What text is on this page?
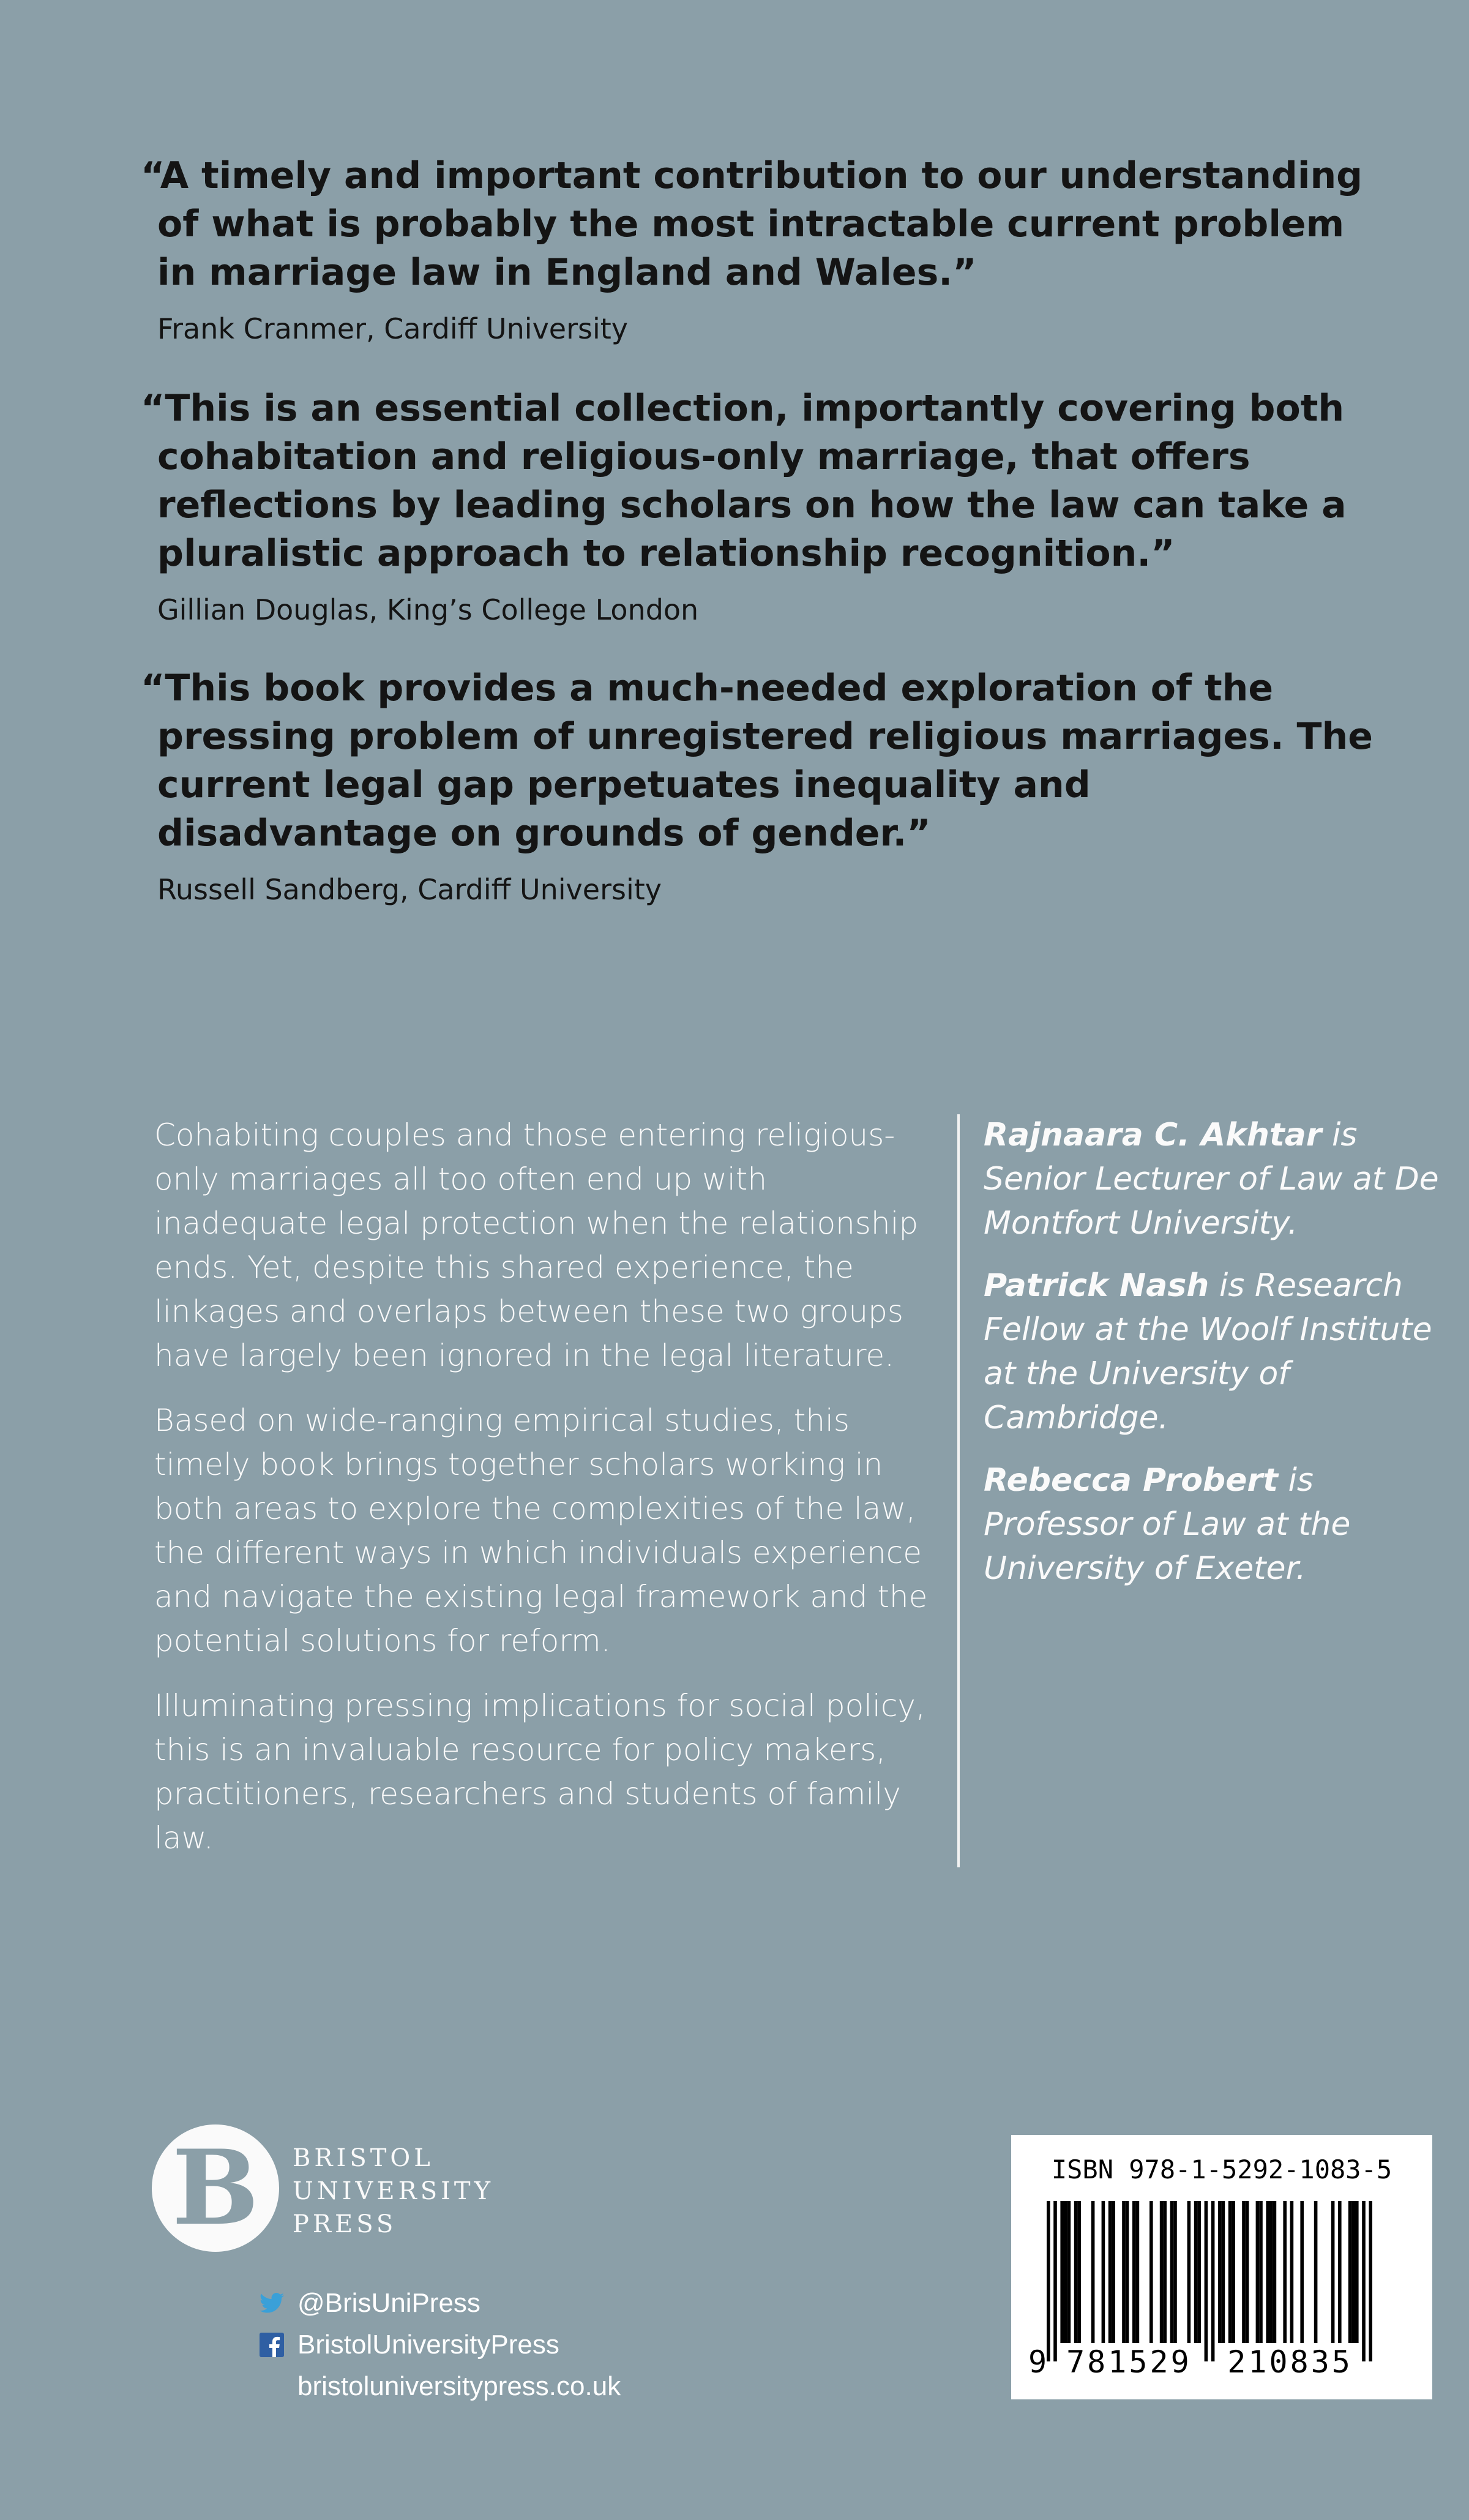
“A timely and important contribution to our understanding of what is probably the most intractable current problem in marriage law in England and Wales.”

Frank Cranmer, Cardiff University

“This is an essential collection, importantly covering both cohabitation and religious-only marriage, that offers reflections by leading scholars on how the law can take a pluralistic approach to relationship recognition.”

Gillian Douglas, King’s College London

“This book provides a much-needed exploration of the pressing problem of unregistered religious marriages. The current legal gap perpetuates inequality and disadvantage on grounds of gender.”

Russell Sandberg, Cardiff University

Cohabiting couples and those entering religious-only marriages all too often end up with inadequate legal protection when the relationship ends. Yet, despite this shared experience, the linkages and overlaps between these two groups have largely been ignored in the legal literature.

Based on wide-ranging empirical studies, this timely book brings together scholars working in both areas to explore the complexities of the law, the different ways in which individuals experience and navigate the existing legal framework and the potential solutions for reform.

Illuminating pressing implications for social policy, this is an invaluable resource for policy makers, practitioners, researchers and students of family law.

Rajnaara C. Akhtar is Senior Lecturer of Law at De Montfort University.

Patrick Nash is Research Fellow at the Woolf Institute at the University of Cambridge.

Rebecca Probert is Professor of Law at the University of Exeter.

B BRISTOL
UNIVERSITY
PRESS
@BrisUniPress
BristolUniversityPress
bristoluniversitypress.co.uk
ISBN 978-1-5292-1083-5
9 781529 210835
